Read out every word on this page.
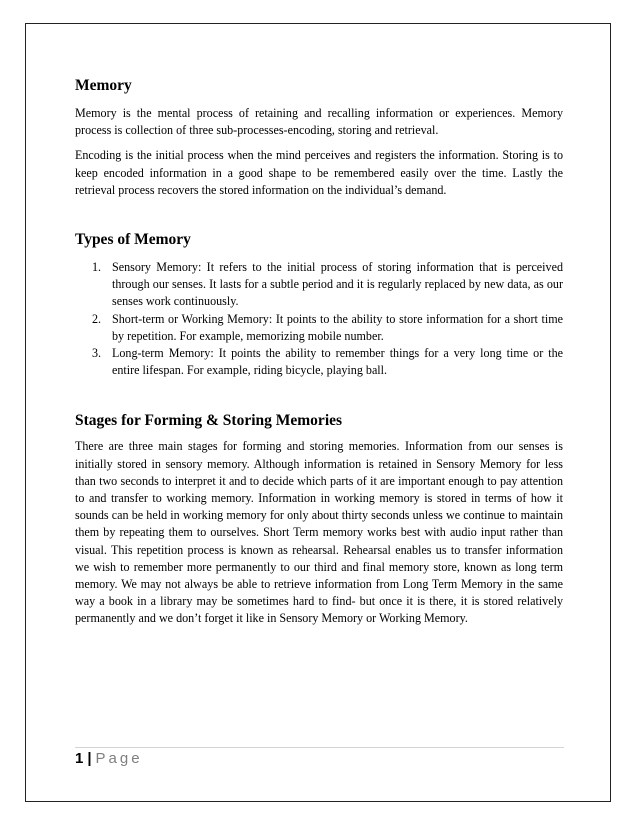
Memory

Memory is the mental process of retaining and recalling information or experiences. Memory process is collection of three sub-processes-encoding, storing and retrieval.

Encoding is the initial process when the mind perceives and registers the information. Storing is to keep encoded information in a good shape to be remembered easily over the time. Lastly the retrieval process recovers the stored information on the individual’s demand.

Types of Memory
1. Sensory Memory: It refers to the initial process of storing information that is perceived through our senses. It lasts for a subtle period and it is regularly replaced by new data, as our senses work continuously.
2. Short-term or Working Memory: It points to the ability to store information for a short time by repetition. For example, memorizing mobile number.
3. Long-term Memory: It points the ability to remember things for a very long time or the entire lifespan. For example, riding bicycle, playing ball.
Stages for Forming & Storing Memories

There are three main stages for forming and storing memories. Information from our senses is initially stored in sensory memory. Although information is retained in Sensory Memory for less than two seconds to interpret it and to decide which parts of it are important enough to pay attention to and transfer to working memory. Information in working memory is stored in terms of how it sounds can be held in working memory for only about thirty seconds unless we continue to maintain them by repeating them to ourselves. Short Term memory works best with audio input rather than visual. This repetition process is known as rehearsal. Rehearsal enables us to transfer information we wish to remember more permanently to our third and final memory store, known as long term memory. We may not always be able to retrieve information from Long Term Memory in the same way a book in a library may be sometimes hard to find- but once it is there, it is stored relatively permanently and we don’t forget it like in Sensory Memory or Working Memory.

1 | Page
